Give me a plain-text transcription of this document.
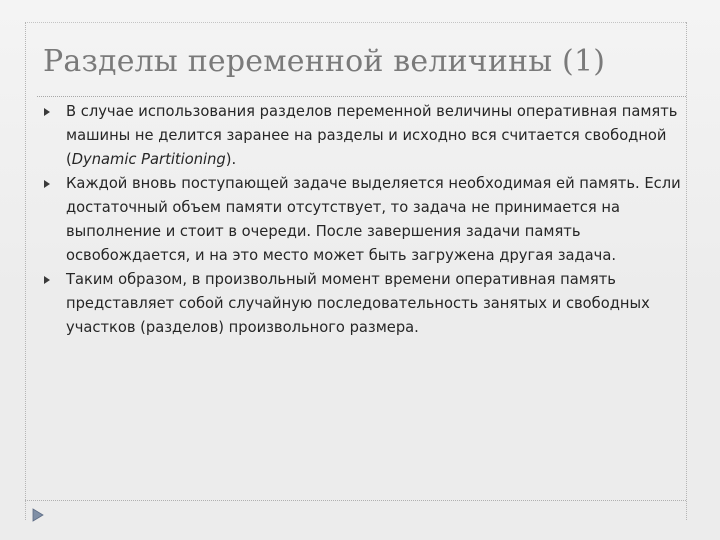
Разделы переменной величины (1)
В случае использования разделов переменной величины оперативная память машины не делится заранее на разделы и исходно вся считается свободной (Dynamic Partitioning).
Каждой вновь поступающей задаче выделяется необходимая ей память. Если достаточный объем памяти отсутствует, то задача не принимается на выполнение и стоит в очереди. После завершения задачи память освобождается, и на это место может быть загружена другая задача.
Таким образом, в произвольный момент времени оперативная память представляет собой случайную последовательность занятых и свободных участков (разделов) произвольного размера.
